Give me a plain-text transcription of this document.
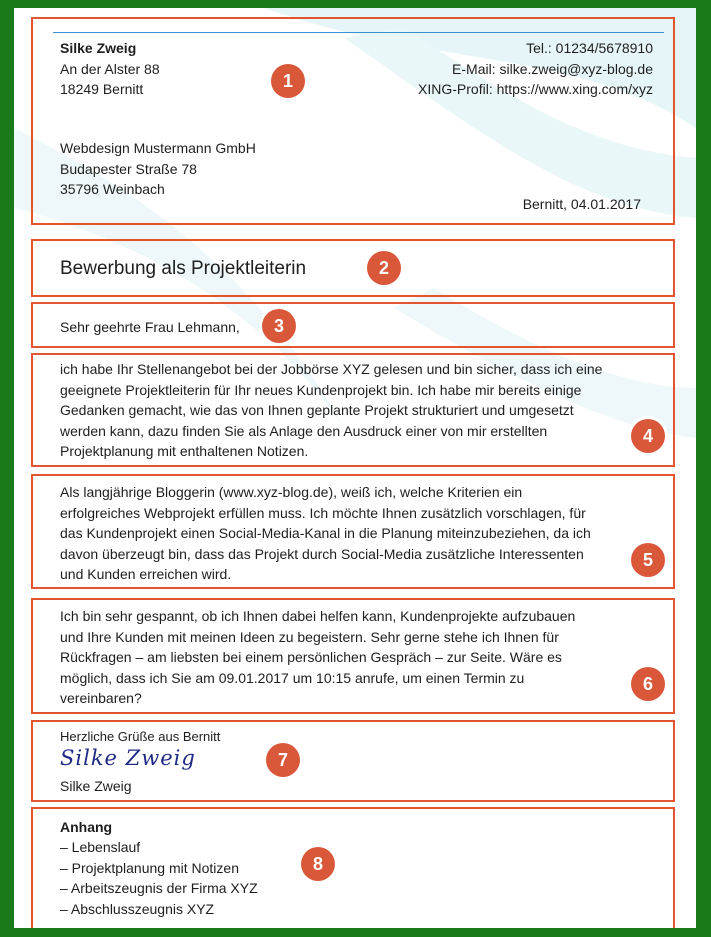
Silke Zweig
An der Alster 88
18249 Bernitt
Tel.: 01234/5678910
E-Mail: silke.zweig@xyz-blog.de
XING-Profil: https://www.xing.com/xyz
Webdesign Mustermann GmbH
Budapester Straße 78
35796 Weinbach
Bernitt, 04.01.2017
1
Bewerbung als Projektleiterin	2
Sehr geehrte Frau Lehmann,	3
ich habe Ihr Stellenangebot bei der Jobbörse XYZ gelesen und bin sicher, dass ich eine
geeignete Projektleiterin für Ihr neues Kundenprojekt bin. Ich habe mir bereits einige
Gedanken gemacht, wie das von Ihnen geplante Projekt strukturiert und umgesetzt
werden kann, dazu finden Sie als Anlage den Ausdruck einer von mir erstellten
Projektplanung mit enthaltenen Notizen.
4
Als langjährige Bloggerin (www.xyz-blog.de), weiß ich, welche Kriterien ein
erfolgreiches Webprojekt erfüllen muss. Ich möchte Ihnen zusätzlich vorschlagen, für
das Kundenprojekt einen Social-Media-Kanal in die Planung miteinzubeziehen, da ich
davon überzeugt bin, dass das Projekt durch Social-Media zusätzliche Interessenten
und Kunden erreichen wird.
5
Ich bin sehr gespannt, ob ich Ihnen dabei helfen kann, Kundenprojekte aufzubauen
und Ihre Kunden mit meinen Ideen zu begeistern. Sehr gerne stehe ich Ihnen für
Rückfragen – am liebsten bei einem persönlichen Gespräch – zur Seite. Wäre es
möglich, dass ich Sie am 09.01.2017 um 10:15 anrufe, um einen Termin zu
vereinbaren?
6
Herzliche Grüße aus Bernitt
Silke Zweig
Silke Zweig
7
Anhang
– Lebenslauf
– Projektplanung mit Notizen
– Arbeitszeugnis der Firma XYZ
– Abschlusszeugnis XYZ
8
